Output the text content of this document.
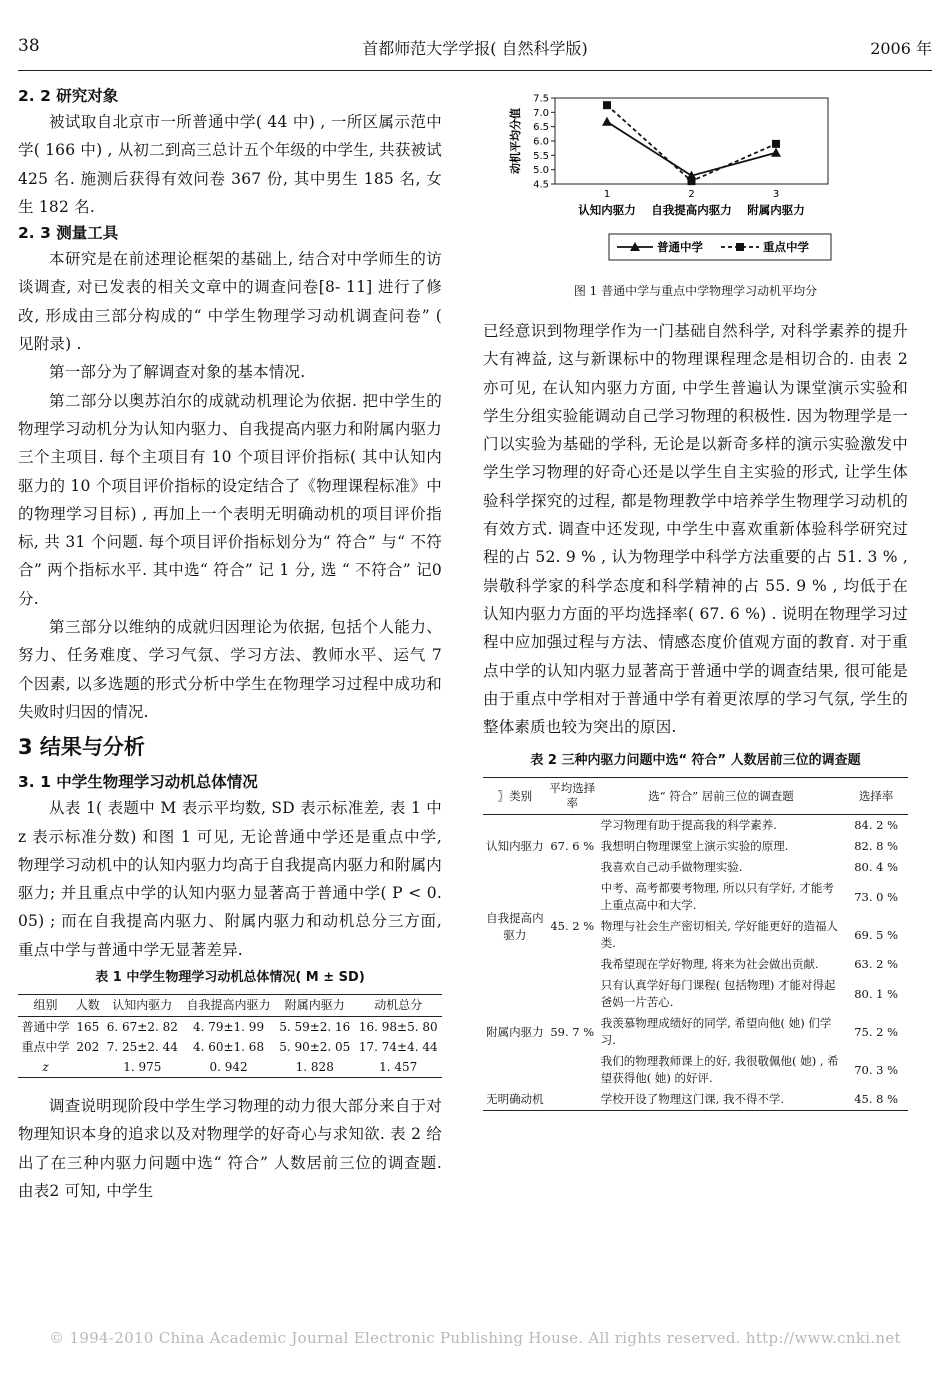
38	首都师范大学学报( 自然科学版)	2006 年

2. 2 研究对象

被试取自北京市一所普通中学( 44 中) , 一所区属示范中学( 166 中) , 从初二到高三总计五个年级的中学生, 共获被试 425 名. 施测后获得有效问卷 367 份, 其中男生 185 名, 女生 182 名.

2. 3 测量工具

本研究是在前述理论框架的基础上, 结合对中学师生的访谈调查, 对已发表的相关文章中的调查问卷[8- 11] 进行了修改, 形成由三部分构成的“ 中学生物理学习动机调查问卷” ( 见附录) .

第一部分为了解调查对象的基本情况.

第二部分以奥苏泊尔的成就动机理论为依据. 把中学生的物理学习动机分为认知内驱力、自我提高内驱力和附属内驱力三个主项目. 每个主项目有 10 个项目评价指标( 其中认知内驱力的 10 个项目评价指标的设定结合了《物理课程标准》中的物理学习目标) , 再加上一个表明无明确动机的项目评价指标, 共 31 个问题. 每个项目评价指标划分为“ 符合” 与“ 不符合” 两个指标水平. 其中选“ 符合” 记 1 分, 选 “ 不符合” 记0 分.

第三部分以维纳的成就归因理论为依据, 包括个人能力、努力、任务难度、学习气氛、学习方法、教师水平、运气 7 个因素, 以多选题的形式分析中学生在物理学习过程中成功和失败时归因的情况.

3 结果与分析

3. 1 中学生物理学习动机总体情况

从表 1( 表题中 M 表示平均数, SD 表示标准差, 表 1 中 z 表示标准分数) 和图 1 可见, 无论普通中学还是重点中学, 物理学习动机中的认知内驱力均高于自我提高内驱力和附属内驱力; 并且重点中学的认知内驱力显著高于普通中学( P < 0. 05) ; 而在自我提高内驱力、附属内驱力和动机总分三方面, 重点中学与普通中学无显著差异.

表 1 中学生物理学习动机总体情况( M ± SD)
组别	人数	认知内驱力	自我提高内驱力	附属内驱力	动机总分
普通中学	165	6. 67±2. 82	4. 79±1. 99	5. 59±2. 16	16. 98±5. 80
重点中学	202	7. 25±2. 44	4. 60±1. 68	5. 90±2. 05	17. 74±4. 44
z		1. 975	0. 942	1. 828	1. 457

调查说明现阶段中学生学习物理的动力很大部分来自于对物理知识本身的追求以及对物理学的好奇心与求知欲. 表 2 给出了在三种内驱力问题中选“ 符合” 人数居前三位的调查题. 由表2 可知, 中学生

4.5
5.0
5.5
6.0
6.5
7.0
7.5
动机平均分值
1
认知内驱力
2
自我提高内驱力
3
附属内驱力
普通中学	重点中学
图 1 普通中学与重点中学物理学习动机平均分

已经意识到物理学作为一门基础自然科学, 对科学素养的提升大有裨益, 这与新课标中的物理课程理念是相切合的. 由表 2 亦可见, 在认知内驱力方面, 中学生普遍认为课堂演示实验和学生分组实验能调动自己学习物理的积极性. 因为物理学是一门以实验为基础的学科, 无论是以新奇多样的演示实验激发中学生学习物理的好奇心还是以学生自主实验的形式, 让学生体验科学探究的过程, 都是物理教学中培养学生物理学习动机的有效方式. 调查中还发现, 中学生中喜欢重新体验科学研究过程的占 52. 9 % , 认为物理学中科学方法重要的占 51. 3 % , 崇敬科学家的科学态度和科学精神的占 55. 9 % , 均低于在认知内驱力方面的平均选择率( 67. 6 %) . 说明在物理学习过程中应加强过程与方法、情感态度价值观方面的教育. 对于重点中学的认知内驱力显著高于普通中学的调查结果, 很可能是由于重点中学相对于普通中学有着更浓厚的学习气氛, 学生的整体素质也较为突出的原因.

表 2 三种内驱力问题中选“ 符合” 人数居前三位的调查题
〗类别	平均选择率	选“ 符合” 居前三位的调查题	选择率
认知内驱力	67. 6 %	学习物理有助于提高我的科学素养.	84. 2 %
		我想明白物理课堂上演示实验的原理.	82. 8 %
		我喜欢自己动手做物理实验.	80. 4 %
自我提高内驱力	45. 2 %	中考、高考都要考物理, 所以只有学好, 才能考上重点高中和大学.	73. 0 %
		物理与社会生产密切相关, 学好能更好的造福人类.	69. 5 %
		我希望现在学好物理, 将来为社会做出贡献.	63. 2 %
附属内驱力	59. 7 %	只有认真学好每门课程( 包括物理) 才能对得起爸妈一片苦心.	80. 1 %
		我羡慕物理成绩好的同学, 希望向他( 她) 们学习.	75. 2 %
		我们的物理教师课上的好, 我很敬佩他( 她) , 希望获得他( 她) 的好评.	70. 3 %
无明确动机		学校开设了物理这门课, 我不得不学.	45. 8 %
© 1994-2010 China Academic Journal Electronic Publishing House. All rights reserved. http://www.cnki.net
